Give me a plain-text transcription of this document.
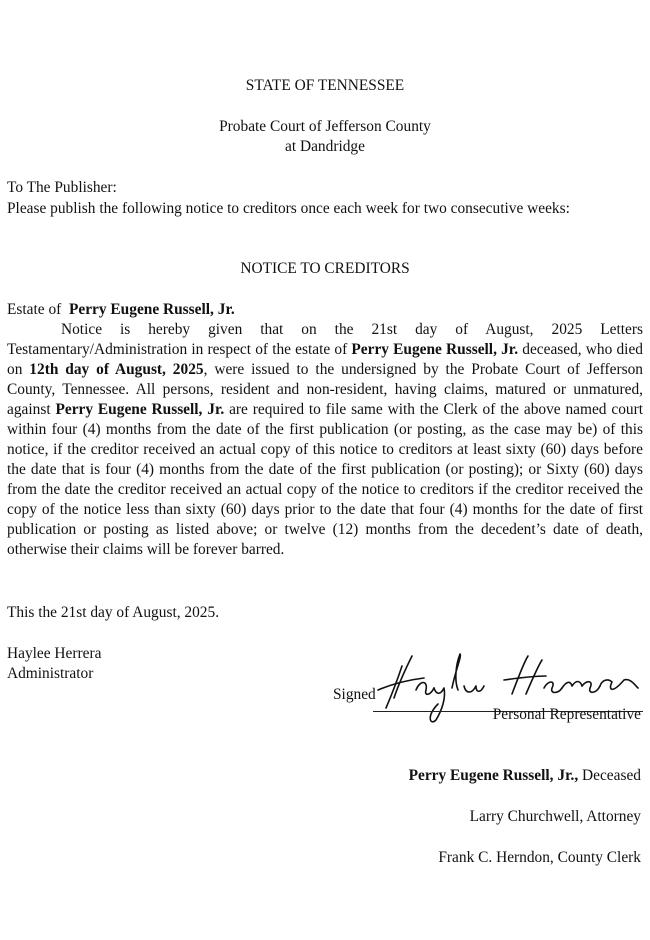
STATE OF TENNESSEE
Probate Court of Jefferson County
at Dandridge
To The Publisher:
Please publish the following notice to creditors once each week for two consecutive weeks:
NOTICE TO CREDITORS
Estate of Perry Eugene Russell, Jr.
Notice is hereby given that on the 21st day of August, 2025 Letters Testamentary/Administration in respect of the estate of Perry Eugene Russell, Jr. deceased, who died on 12th day of August, 2025, were issued to the undersigned by the Probate Court of Jefferson County, Tennessee. All persons, resident and non-resident, having claims, matured or unmatured, against Perry Eugene Russell, Jr. are required to file same with the Clerk of the above named court within four (4) months from the date of the first publication (or posting, as the case may be) of this notice, if the creditor received an actual copy of this notice to creditors at least sixty (60) days before the date that is four (4) months from the date of the first publication (or posting); or Sixty (60) days from the date the creditor received an actual copy of the notice to creditors if the creditor received the copy of the notice less than sixty (60) days prior to the date that four (4) months for the date of first publication or posting as listed above; or twelve (12) months from the decedent’s date of death, otherwise their claims will be forever barred.
This the 21st day of August, 2025.
Haylee Herrera
Administrator
Signed
Personal Representative
Perry Eugene Russell, Jr., Deceased
Larry Churchwell, Attorney
Frank C. Herndon, County Clerk
